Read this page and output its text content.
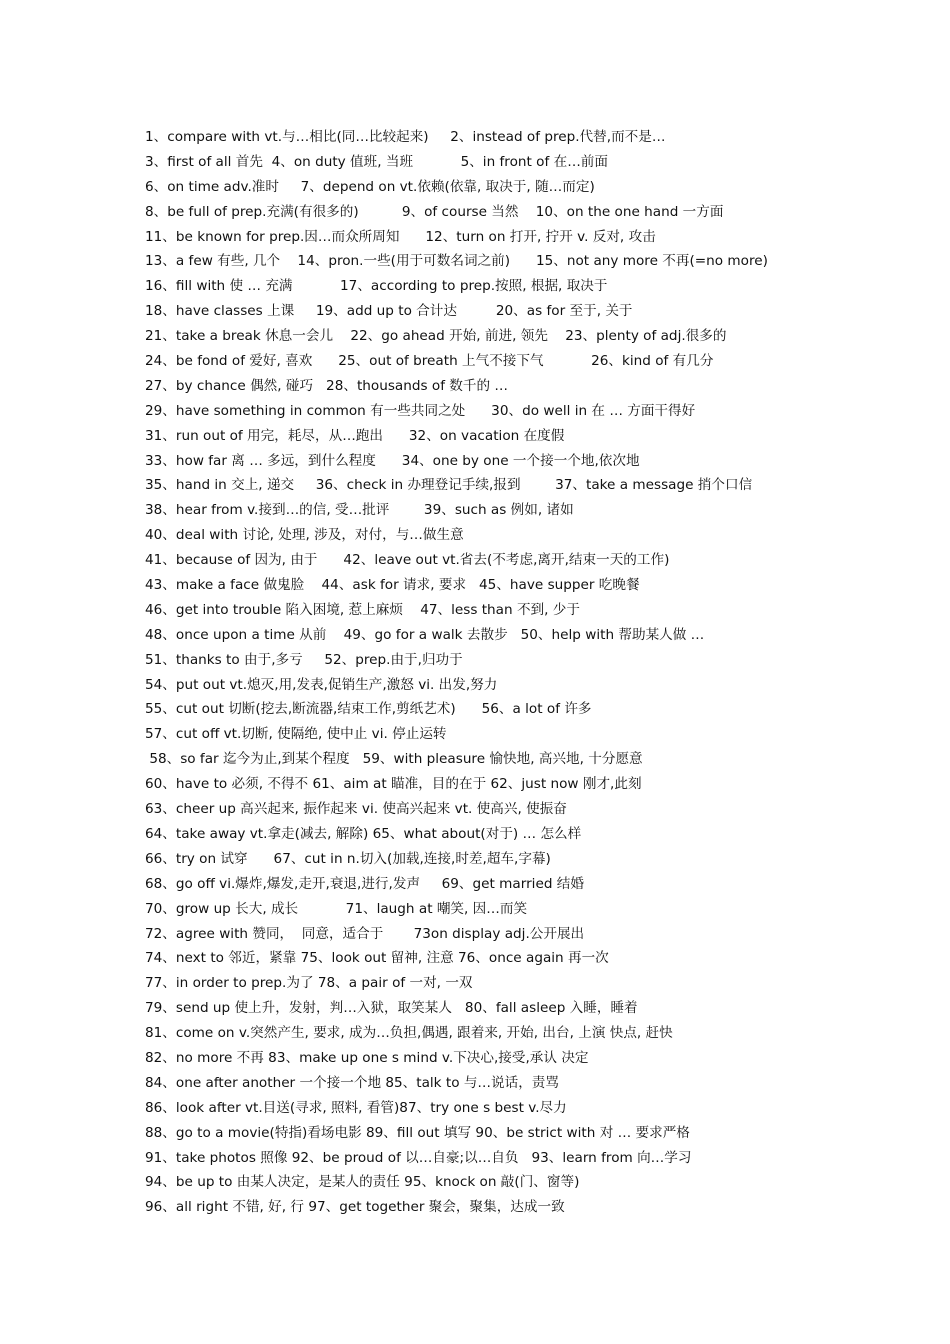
1、compare with vt.与…相比(同…比较起来)     2、instead of prep.代替,而不是…
3、first of all 首先  4、on duty 值班, 当班           5、in front of 在…前面
6、on time adv.准时     7、depend on vt.依赖(依靠, 取决于, 随…而定)
8、be full of prep.充满(有很多的)          9、of course 当然    10、on the one hand 一方面
11、be known for prep.因…而众所周知      12、turn on 打开, 拧开 v. 反对, 攻击
13、a few 有些, 几个    14、pron.一些(用于可数名词之前)      15、not any more 不再(=no more)
16、fill with 使 … 充满           17、according to prep.按照, 根据, 取决于
18、have classes 上课     19、add up to 合计达         20、as for 至于, 关于
21、take a break 休息一会儿    22、go ahead 开始, 前进, 领先    23、plenty of adj.很多的
24、be fond of 爱好, 喜欢      25、out of breath 上气不接下气           26、kind of 有几分
27、by chance 偶然, 碰巧   28、thousands of 数千的 …
29、have something in common 有一些共同之处      30、do well in 在 … 方面干得好
31、run out of 用完，耗尽，从…跑出      32、on vacation 在度假
33、how far 离 … 多远，到什么程度      34、one by one 一个接一个地,依次地
35、hand in 交上, 递交     36、check in 办理登记手续,报到        37、take a message 捎个口信
38、hear from v.接到…的信, 受…批评        39、such as 例如, 诸如
40、deal with 讨论, 处理, 涉及，对付，与…做生意
41、because of 因为, 由于      42、leave out vt.省去(不考虑,离开,结束一天的工作)
43、make a face 做鬼脸    44、ask for 请求, 要求   45、have supper 吃晚餐
46、get into trouble 陷入困境, 惹上麻烦    47、less than 不到, 少于
48、once upon a time 从前    49、go for a walk 去散步   50、help with 帮助某人做 …
51、thanks to 由于,多亏     52、prep.由于,归功于
54、put out vt.熄灭,用,发表,促销生产,激怒 vi. 出发,努力
55、cut out 切断(挖去,断流器,结束工作,剪纸艺术)      56、a lot of 许多
57、cut off vt.切断, 使隔绝, 使中止 vi. 停止运转
58、so far 迄今为止,到某个程度   59、with pleasure 愉快地, 高兴地, 十分愿意
60、have to 必须, 不得不 61、aim at 瞄准，目的在于 62、just now 刚才,此刻
63、cheer up 高兴起来, 振作起来 vi. 使高兴起来 vt. 使高兴, 使振奋
64、take away vt.拿走(减去, 解除) 65、what about(对于) … 怎么样
66、try on 试穿      67、cut in n.切入(加载,连接,时差,超车,字幕)
68、go off vi.爆炸,爆发,走开,衰退,进行,发声     69、get married 结婚
70、grow up 长大, 成长           71、laugh at 嘲笑, 因…而笑
72、agree with 赞同，  同意，适合于       73on display adj.公开展出
74、next to 邻近，紧靠 75、look out 留神, 注意 76、once again 再一次
77、in order to prep.为了 78、a pair of 一对, 一双
79、send up 使上升，发射，判…入狱，取笑某人   80、fall asleep 入睡，睡着
81、come on v.突然产生, 要求, 成为…负担,偶遇, 跟着来, 开始, 出台, 上演 快点, 赶快
82、no more 不再 83、make up one s mind v.下决心,接受,承认 决定
84、one after another 一个接一个地 85、talk to 与…说话，责骂
86、look after vt.目送(寻求, 照料, 看管)87、try one s best v.尽力
88、go to a movie(特指)看场电影 89、fill out 填写 90、be strict with 对 … 要求严格
91、take photos 照像 92、be proud of 以…自豪;以…自负   93、learn from 向…学习
94、be up to 由某人决定，是某人的责任 95、knock on 敲(门、窗等)
96、all right 不错, 好, 行 97、get together 聚会，聚集，达成一致
